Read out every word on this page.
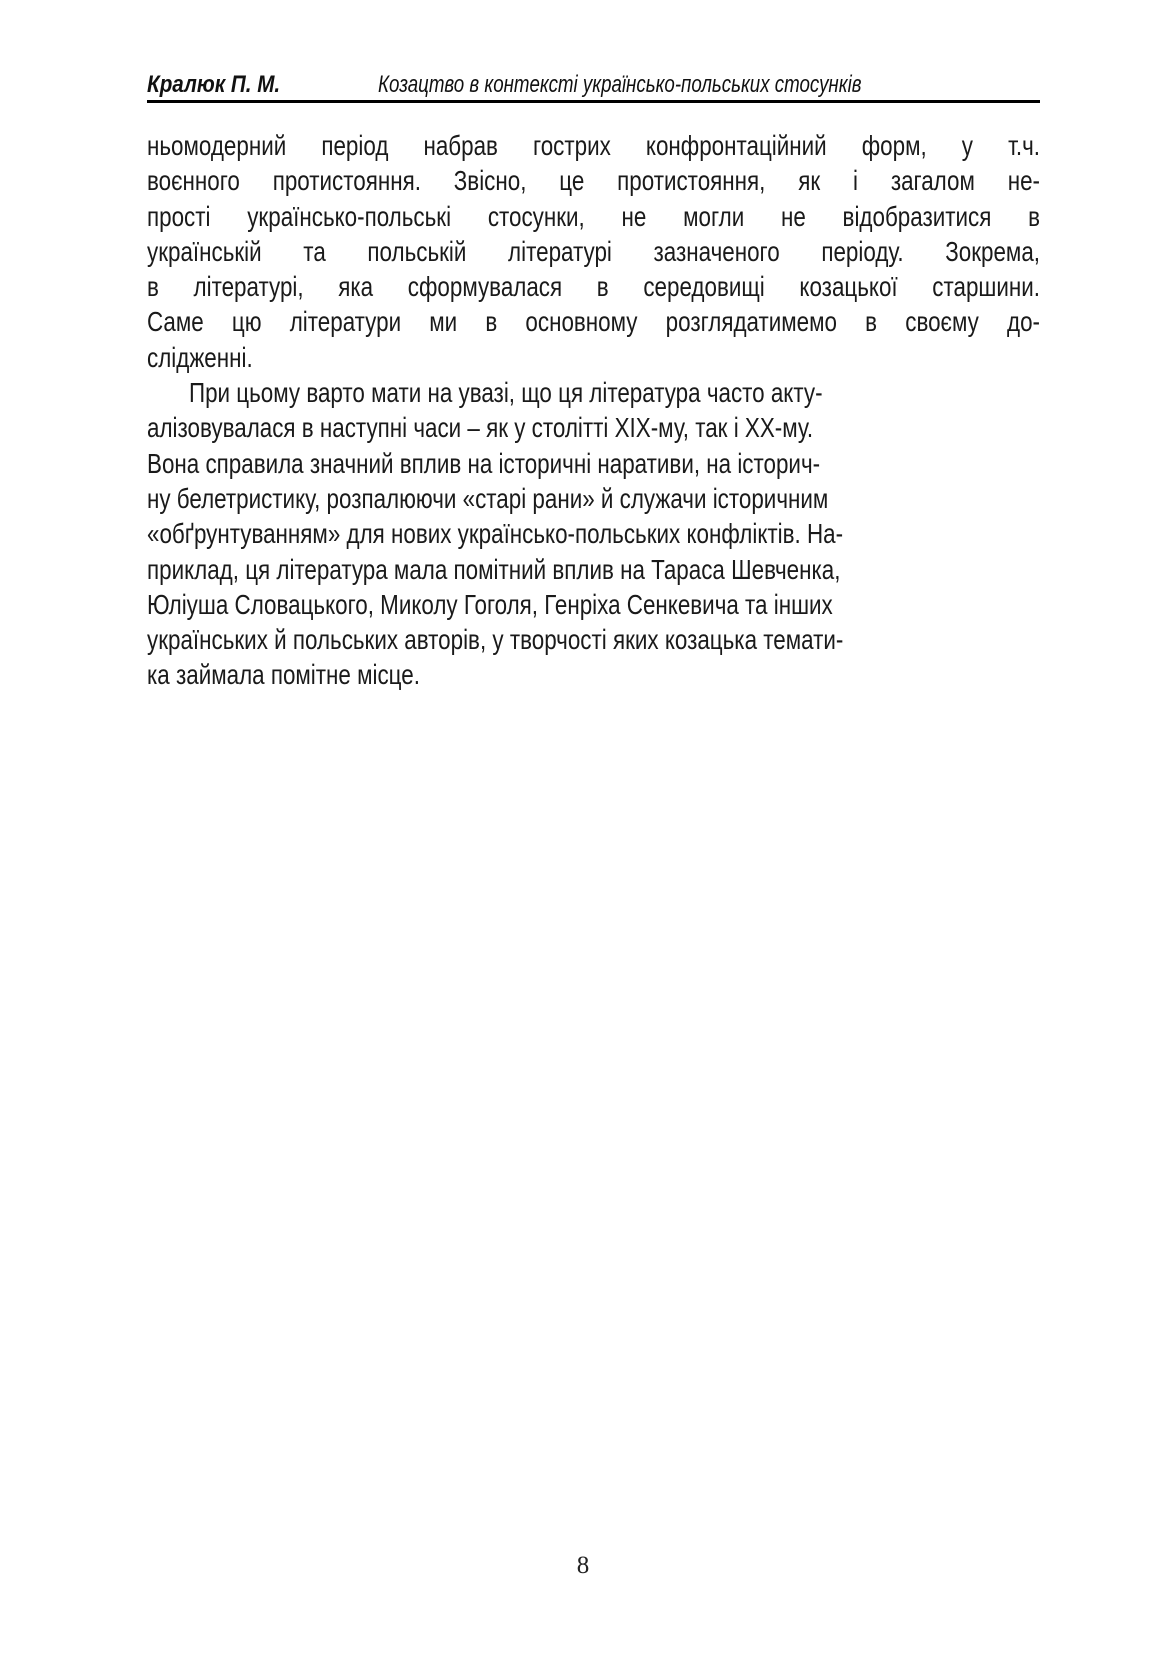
Кралюк П. М.	Козацтво в контексті українсько-польських стосунків
ньомодерний період набрав гострих конфронтаційний форм, у т.ч.
воєнного протистояння. Звісно, це протистояння, як і загалом не-
прості українсько-польські стосунки, не могли не відобразитися в
українській та польській літературі зазначеного періоду. Зокрема,
в літературі, яка сформувалася в середовищі козацької старшини.
Саме цю літератури ми в основному розглядатимемо в своєму до-
слідженні.
При цьому варто мати на увазі, що ця література часто акту-
алізовувалася в наступні часи – як у столітті ХІХ-му, так і ХХ-му.
Вона справила значний вплив на історичні наративи, на історич-
ну белетристику, розпалюючи «старі рани» й служачи історичним
«обґрунтуванням» для нових українсько-польських конфліктів. На-
приклад, ця література мала помітний вплив на Тараса Шевченка,
Юліуша Словацького, Миколу Гоголя, Генріха Сенкевича та інших
українських й польських авторів, у творчості яких козацька темати-
ка займала помітне місце.
8
